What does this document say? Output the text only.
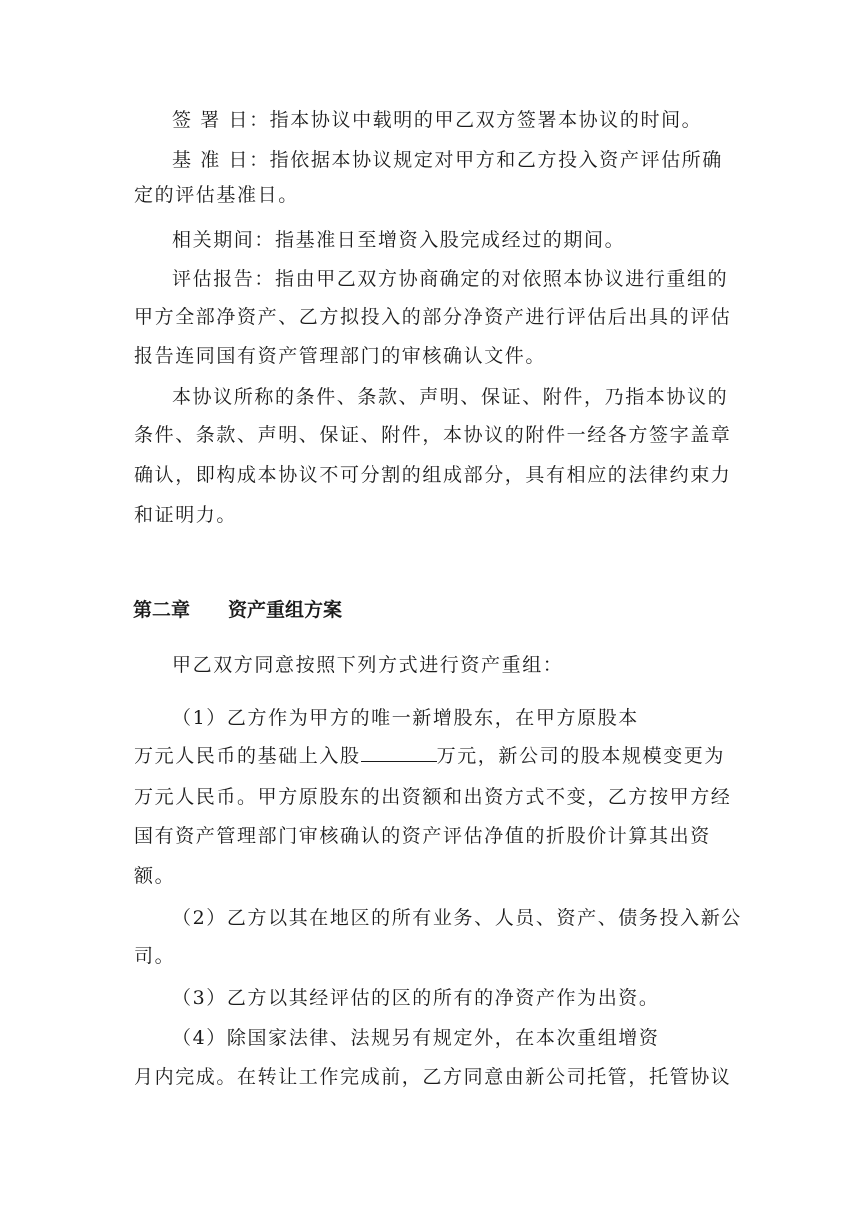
签 署 日：指本协议中载明的甲乙双方签署本协议的时间。
基 准 日：指依据本协议规定对甲方和乙方投入资产评估所确
定的评估基准日。
相关期间：指基准日至增资入股完成经过的期间。
评估报告：指由甲乙双方协商确定的对依照本协议进行重组的
甲方全部净资产、乙方拟投入的部分净资产进行评估后出具的评估
报告连同国有资产管理部门的审核确认文件。
本协议所称的条件、条款、声明、保证、附件，乃指本协议的
条件、条款、声明、保证、附件，本协议的附件一经各方签字盖章
确认，即构成本协议不可分割的组成部分，具有相应的法律约束力
和证明力。
第二章 资产重组方案
甲乙双方同意按照下列方式进行资产重组：
（1）乙方作为甲方的唯一新增股东，在甲方原股本
万元人民币的基础上入股	万元，新公司的股本规模变更为
万元人民币。甲方原股东的出资额和出资方式不变，乙方按甲方经
国有资产管理部门审核确认的资产评估净值的折股价计算其出资
额。
（2）乙方以其在地区的所有业务、人员、资产、债务投入新公
司。
（3）乙方以其经评估的区的所有的净资产作为出资。
（4）除国家法律、法规另有规定外，在本次重组增资
月内完成。在转让工作完成前，乙方同意由新公司托管，托管协议
